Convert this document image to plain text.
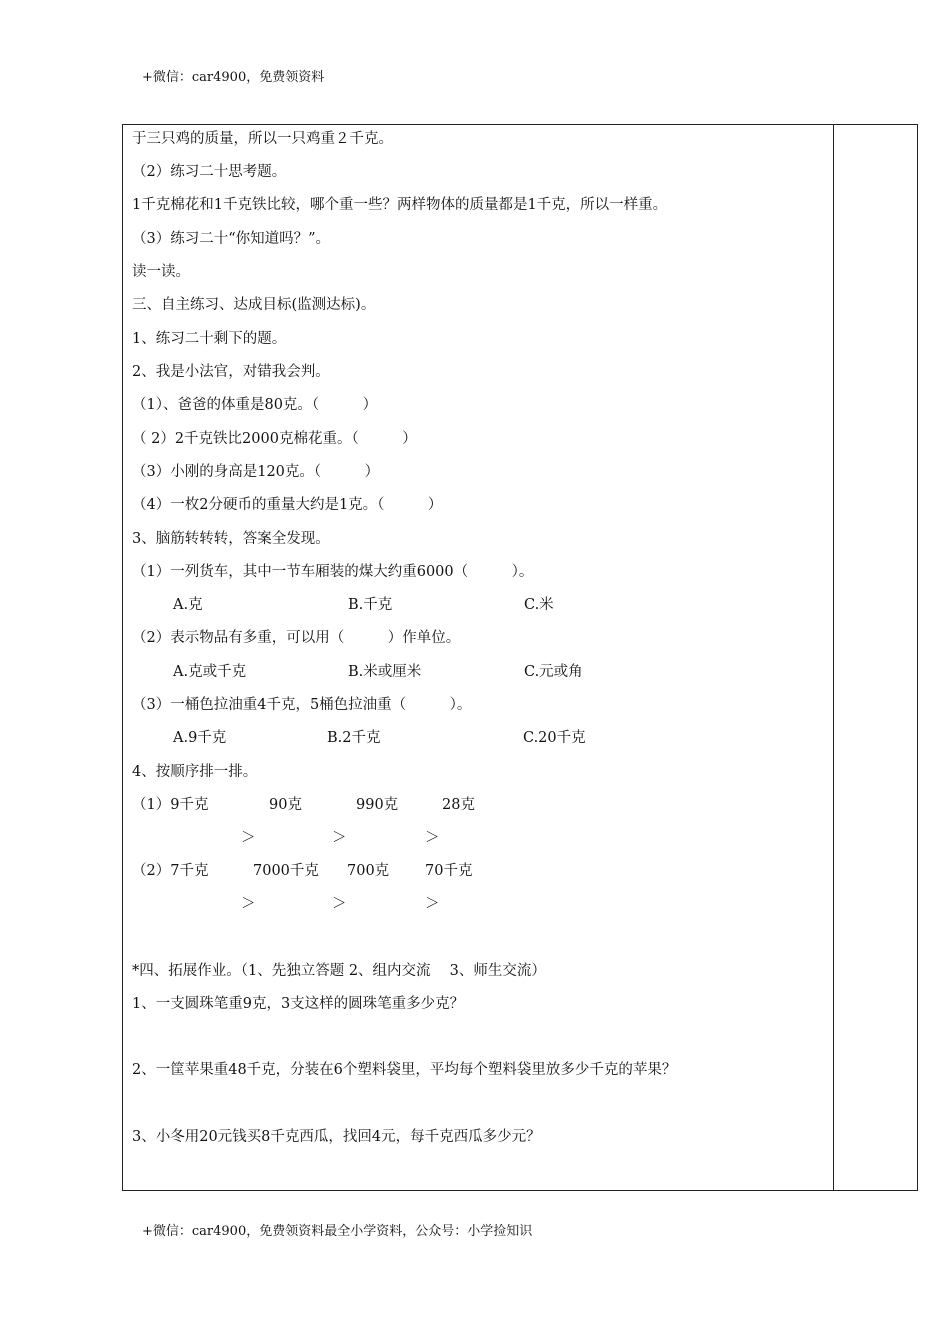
+微信：car4900，免费领资料
于三只鸡的质量，所以一只鸡重２千克。
（2）练习二十思考题。
1千克棉花和1千克铁比较，哪个重一些？两样物体的质量都是1千克，所以一样重。
（3）练习二十“你知道吗？”。
读一读。
三、自主练习、达成目标(监测达标)。
1、练习二十剩下的题。
2、我是小法官，对错我会判。
（1）、爸爸的体重是80克。（　　　）
（ 2）2千克铁比2000克棉花重。（　　　）
（3）小刚的身高是120克。（　　　）
（4）一枚2分硬币的重量大约是1克。（　　　）
3、脑筋转转转，答案全发现。
（1）一列货车，其中一节车厢装的煤大约重6000（　　　）。
A.克	B.千克	C.米
（2）表示物品有多重，可以用（　　　）作单位。
A.克或千克	B.米或厘米	C.元或角
（3）一桶色拉油重4千克，5桶色拉油重（　　　）。
A.9千克	B.2千克	C.20千克
4、按顺序排一排。
（1）9千克	90克	990克	28克
＞	＞	＞
（2）7千克	7000千克 700克 70千克
＞	＞	＞
*四、拓展作业。（1、先独立答题 2、组内交流　 3、师生交流）
1、一支圆珠笔重9克，3支这样的圆珠笔重多少克？
2、一筐苹果重48千克，分装在6个塑料袋里，平均每个塑料袋里放多少千克的苹果？
3、小冬用20元钱买8千克西瓜，找回4元，每千克西瓜多少元？
+微信：car4900，免费领资料最全小学资料，公众号：小学捡知识
